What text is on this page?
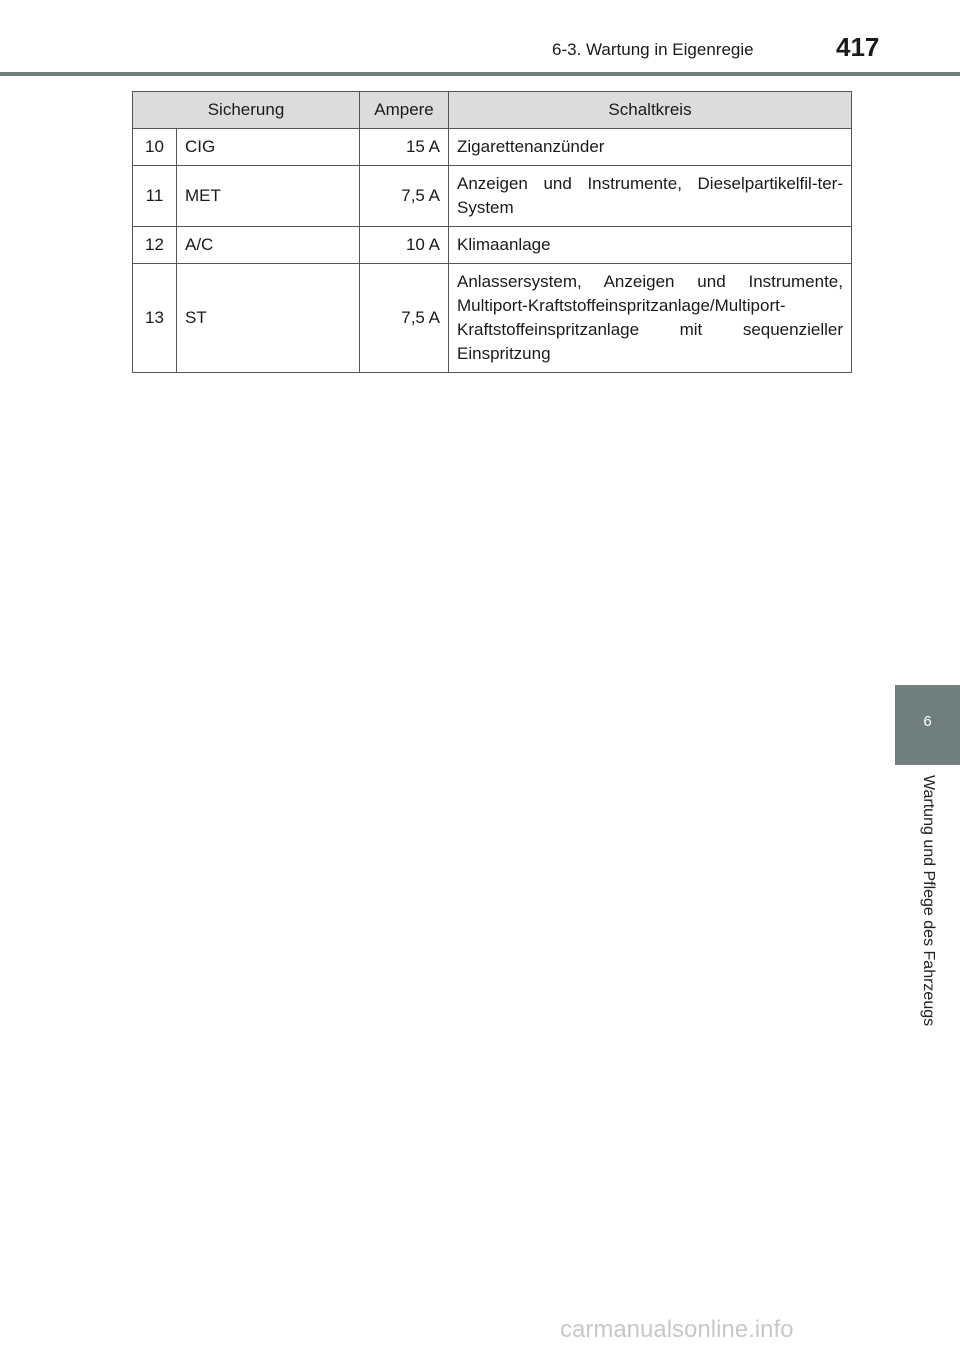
6-3. Wartung in Eigenregie	417
Sicherung		Ampere	Schaltkreis
10	CIG	15 A	Zigarettenanzünder
11	MET	7,5 A	Anzeigen und Instrumente, Dieselpartikelfil-ter-System
12	A/C	10 A	Klimaanlage
13	ST	7,5 A	Anlassersystem, Anzeigen und Instrumente, Multiport-Kraftstoffeinspritzanlage/Multiport-Kraftstoffeinspritzanlage mit sequenzieller Einspritzung
6
Wartung und Pflege des Fahrzeugs
carmanualsonline.info
